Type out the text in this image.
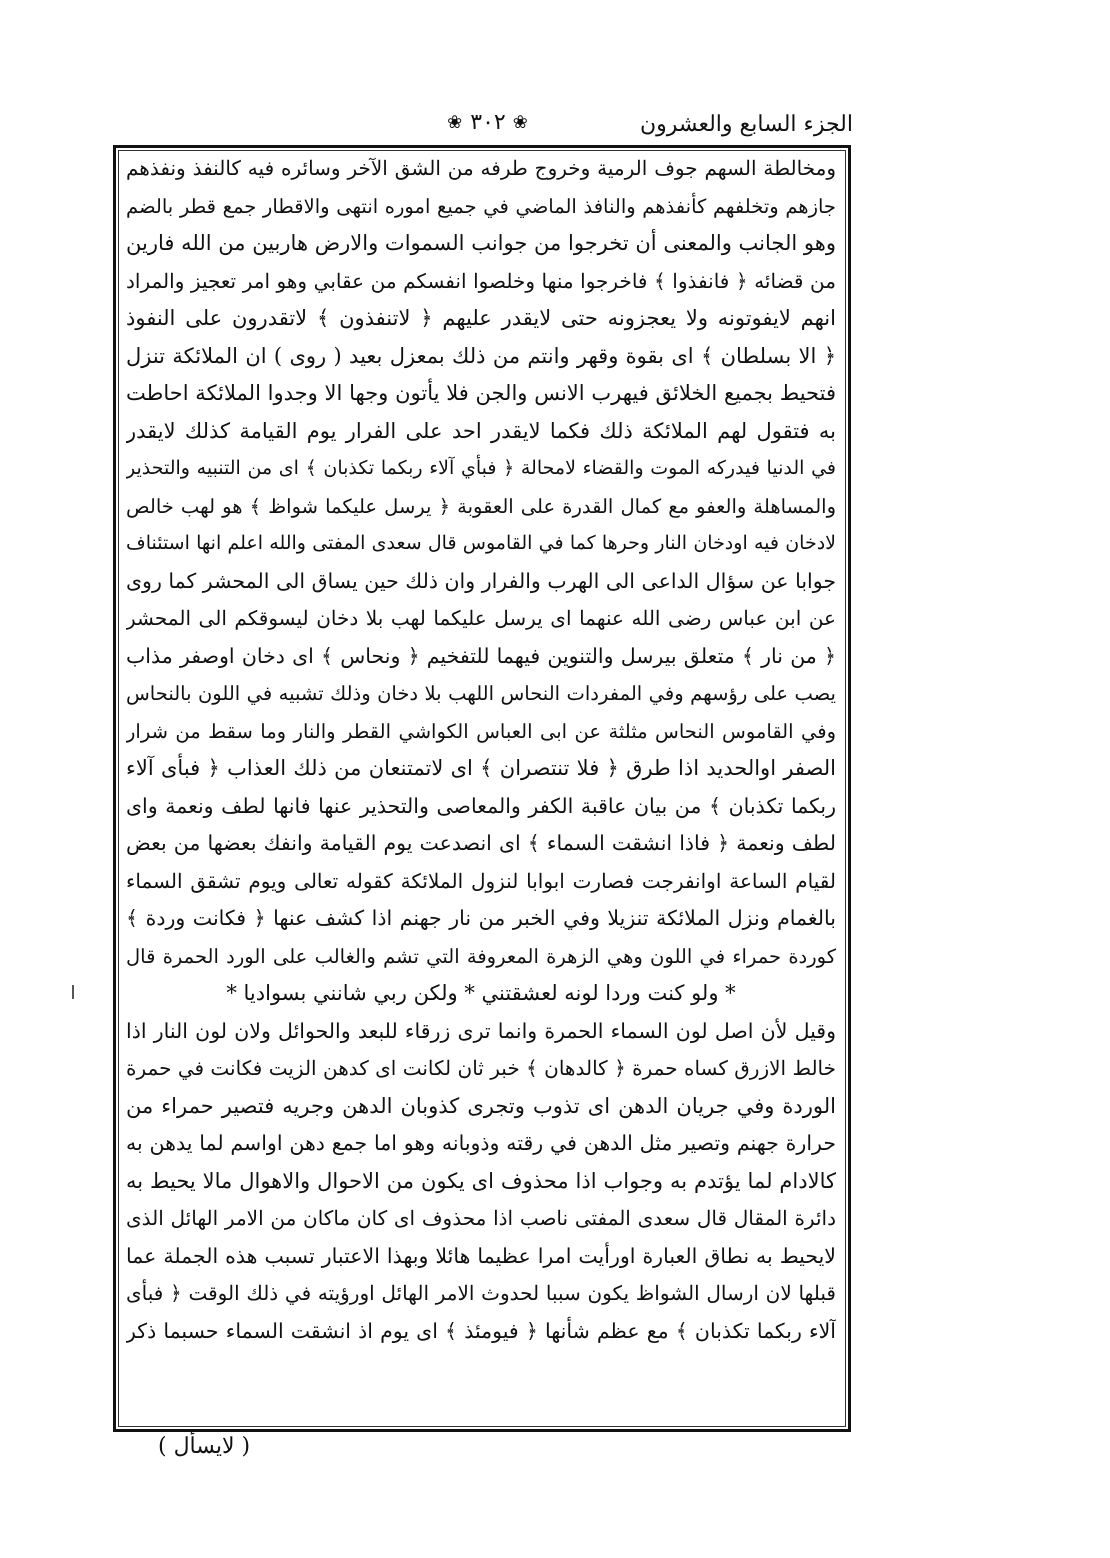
الجزء السابع والعشرون
❀ ٣٠٢ ❀
ومخالطة السهم جوف الرمية وخروج طرفه من الشق الآخر وسائره فيه كالنفذ ونفذهم
جازهم وتخلفهم كأنفذهم والنافذ الماضي في جميع اموره انتهى والاقطار جمع قطر بالضم
وهو الجانب والمعنى أن تخرجوا من جوانب السموات والارض هاربين من الله فارين
من قضائه ﴿ فانفذوا ﴾ فاخرجوا منها وخلصوا انفسكم من عقابي وهو امر تعجيز والمراد
انهم لايفوتونه ولا يعجزونه حتى لايقدر عليهم ﴿ لاتنفذون ﴾ لاتقدرون على النفوذ
﴿ الا بسلطان ﴾ اى بقوة وقهر وانتم من ذلك بمعزل بعيد ( روى ) ان الملائكة تنزل
فتحيط بجميع الخلائق فيهرب الانس والجن فلا يأتون وجها الا وجدوا الملائكة احاطت
به فتقول لهم الملائكة ذلك فكما لايقدر احد على الفرار يوم القيامة كذلك لايقدر
في الدنيا فيدركه الموت والقضاء لامحالة ﴿ فبأي آلاء ربكما تكذبان ﴾ اى من التنبيه والتحذير
والمساهلة والعفو مع كمال القدرة على العقوبة ﴿ يرسل عليكما شواظ ﴾ هو لهب خالص
لادخان فيه اودخان النار وحرها كما في القاموس قال سعدى المفتى والله اعلم انها استئناف
جوابا عن سؤال الداعى الى الهرب والفرار وان ذلك حين يساق الى المحشر كما روى
عن ابن عباس رضى الله عنهما اى يرسل عليكما لهب بلا دخان ليسوقكم الى المحشر
﴿ من نار ﴾ متعلق بيرسل والتنوين فيهما للتفخيم ﴿ ونحاس ﴾ اى دخان اوصفر مذاب
يصب على رؤسهم وفي المفردات النحاس اللهب بلا دخان وذلك تشبيه في اللون بالنحاس
وفي القاموس النحاس مثلثة عن ابى العباس الكواشي القطر والنار وما سقط من شرار
الصفر اوالحديد اذا طرق ﴿ فلا تنتصران ﴾ اى لاتمتنعان من ذلك العذاب ﴿ فبأى آلاء
ربكما تكذبان ﴾ من بيان عاقبة الكفر والمعاصى والتحذير عنها فانها لطف ونعمة واى
لطف ونعمة ﴿ فاذا انشقت السماء ﴾ اى انصدعت يوم القيامة وانفك بعضها من بعض
لقيام الساعة اوانفرجت فصارت ابوابا لنزول الملائكة كقوله تعالى ويوم تشقق السماء
بالغمام ونزل الملائكة تنزيلا وفي الخبر من نار جهنم اذا كشف عنها ﴿ فكانت وردة ﴾
كوردة حمراء في اللون وهي الزهرة المعروفة التي تشم والغالب على الورد الحمرة قال
* ولو كنت وردا لونه لعشقتني * ولكن ربي شانني بسواديا *
وقيل لأن اصل لون السماء الحمرة وانما ترى زرقاء للبعد والحوائل ولان لون النار اذا
خالط الازرق كساه حمرة ﴿ كالدهان ﴾ خبر ثان لكانت اى كدهن الزيت فكانت في حمرة
الوردة وفي جريان الدهن اى تذوب وتجرى كذوبان الدهن وجريه فتصير حمراء من
حرارة جهنم وتصير مثل الدهن في رقته وذوبانه وهو اما جمع دهن اواسم لما يدهن به
كالادام لما يؤتدم به وجواب اذا محذوف اى يكون من الاحوال والاهوال مالا يحيط به
دائرة المقال قال سعدى المفتى ناصب اذا محذوف اى كان ماكان من الامر الهائل الذى
لايحيط به نطاق العبارة اورأيت امرا عظيما هائلا وبهذا الاعتبار تسبب هذه الجملة عما
قبلها لان ارسال الشواظ يكون سببا لحدوث الامر الهائل اورؤيته في ذلك الوقت ﴿ فبأى
آلاء ربكما تكذبان ﴾ مع عظم شأنها ﴿ فيومئذ ﴾ اى يوم اذ انشقت السماء حسبما ذكر
( لايسأل )
